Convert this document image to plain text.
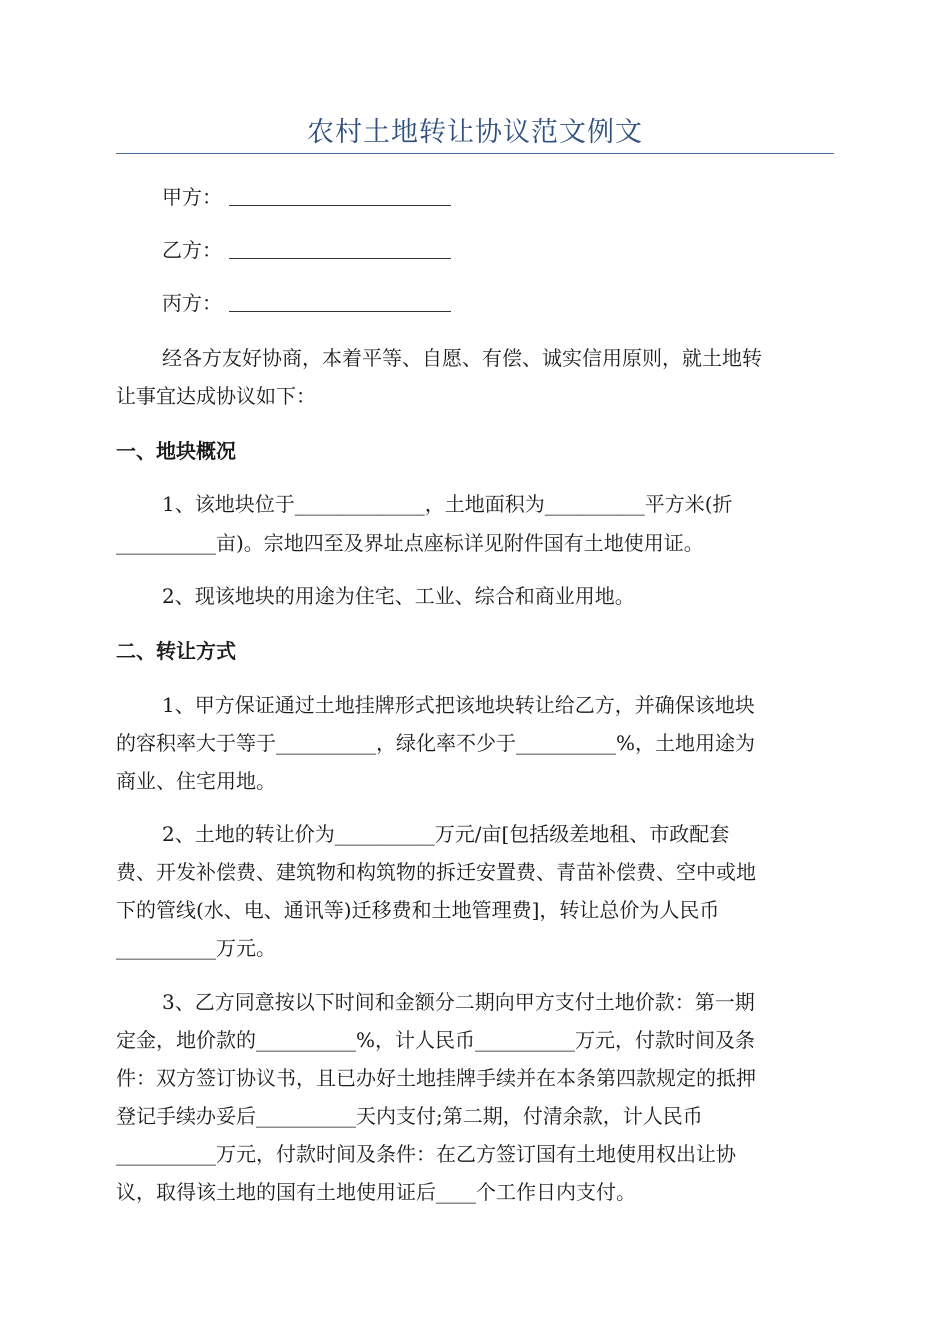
农村土地转让协议范文例文
甲方：
乙方：
丙方：
经各方友好协商，本着平等、自愿、有偿、诚实信用原则，就土地转
让事宜达成协议如下：
一、地块概况
1、该地块位于_____________，土地面积为__________平方米(折
__________亩)。宗地四至及界址点座标详见附件国有土地使用证。
2、现该地块的用途为住宅、工业、综合和商业用地。
二、转让方式
1、甲方保证通过土地挂牌形式把该地块转让给乙方，并确保该地块
的容积率大于等于__________，绿化率不少于__________%，土地用途为
商业、住宅用地。
2、土地的转让价为__________万元/亩[包括级差地租、市政配套
费、开发补偿费、建筑物和构筑物的拆迁安置费、青苗补偿费、空中或地
下的管线(水、电、通讯等)迁移费和土地管理费]，转让总价为人民币
__________万元。
3、乙方同意按以下时间和金额分二期向甲方支付土地价款：第一期
定金，地价款的__________%，计人民币__________万元，付款时间及条
件：双方签订协议书，且已办好土地挂牌手续并在本条第四款规定的抵押
登记手续办妥后__________天内支付;第二期，付清余款，计人民币
__________万元，付款时间及条件：在乙方签订国有土地使用权出让协
议，取得该土地的国有土地使用证后____个工作日内支付。
